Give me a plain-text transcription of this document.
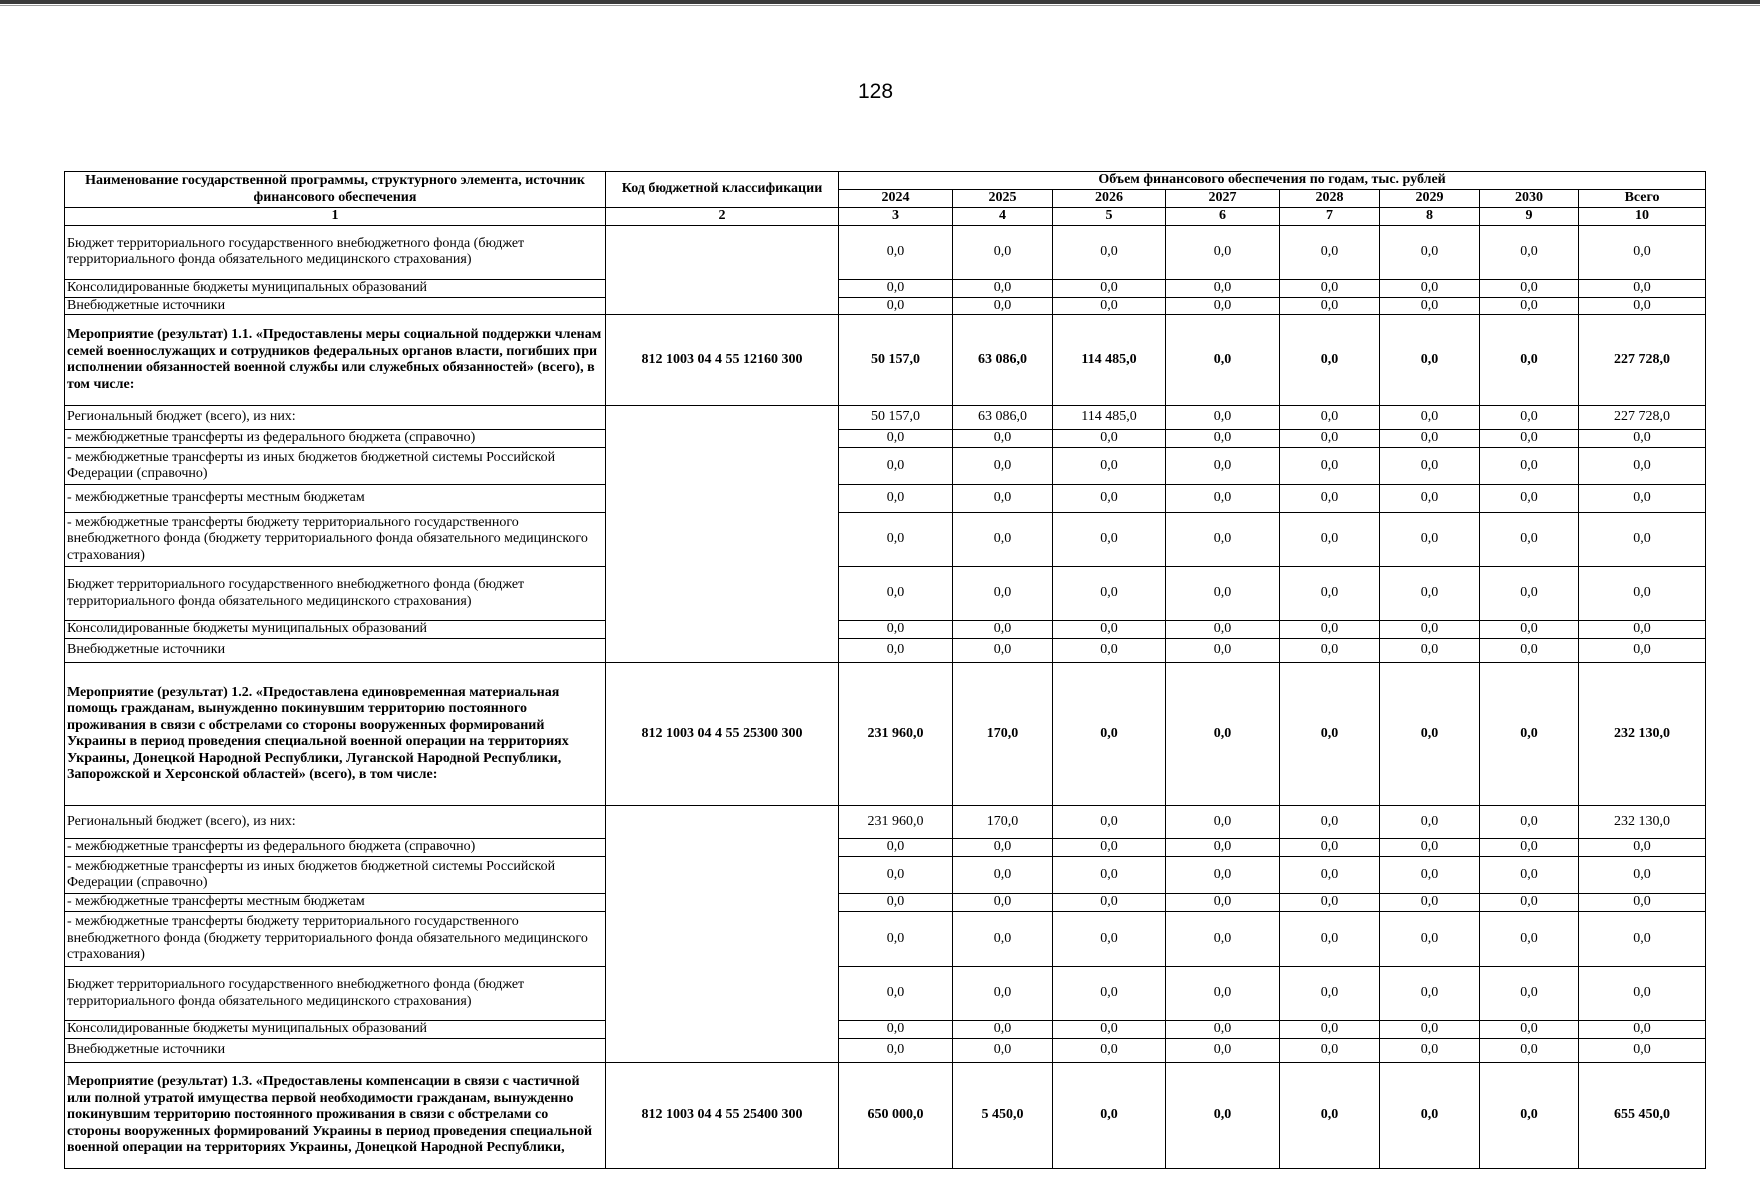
128
Наименование государственной программы, структурного элемента, источник финансового обеспечения	Код бюджетной классификации	Объем финансового обеспечения по годам, тыс. рублей							
		2024	2025	2026	2027	2028	2029	2030	Всего
1	2	3	4	5	6	7	8	9	10
Бюджет территориального государственного внебюджетного фонда (бюджет территориального фонда обязательного медицинского страхования)		0,0	0,0	0,0	0,0	0,0	0,0	0,0	0,0
Консолидированные бюджеты муниципальных образований		0,0	0,0	0,0	0,0	0,0	0,0	0,0	0,0
Внебюджетные источники		0,0	0,0	0,0	0,0	0,0	0,0	0,0	0,0
Мероприятие (результат) 1.1. «Предоставлены меры социальной поддержки членам семей военнослужащих и сотрудников федеральных органов власти, погибших при исполнении обязанностей военной службы или служебных обязанностей» (всего), в том числе:	812 1003 04 4 55 12160 300	50 157,0	63 086,0	114 485,0	0,0	0,0	0,0	0,0	227 728,0
Региональный бюджет (всего), из них:		50 157,0	63 086,0	114 485,0	0,0	0,0	0,0	0,0	227 728,0
- межбюджетные трансферты из федерального бюджета (справочно)		0,0	0,0	0,0	0,0	0,0	0,0	0,0	0,0
- межбюджетные трансферты из иных бюджетов бюджетной системы Российской Федерации (справочно)		0,0	0,0	0,0	0,0	0,0	0,0	0,0	0,0
- межбюджетные трансферты местным бюджетам		0,0	0,0	0,0	0,0	0,0	0,0	0,0	0,0
- межбюджетные трансферты бюджету территориального государственного внебюджетного фонда (бюджету территориального фонда обязательного медицинского страхования)		0,0	0,0	0,0	0,0	0,0	0,0	0,0	0,0
Бюджет территориального государственного внебюджетного фонда (бюджет территориального фонда обязательного медицинского страхования)		0,0	0,0	0,0	0,0	0,0	0,0	0,0	0,0
Консолидированные бюджеты муниципальных образований		0,0	0,0	0,0	0,0	0,0	0,0	0,0	0,0
Внебюджетные источники		0,0	0,0	0,0	0,0	0,0	0,0	0,0	0,0
Мероприятие (результат) 1.2. «Предоставлена единовременная материальная помощь гражданам, вынужденно покинувшим территорию постоянного проживания в связи с обстрелами со стороны вооруженных формирований Украины в период проведения специальной военной операции на территориях Украины, Донецкой Народной Республики, Луганской Народной Республики, Запорожской и Херсонской областей» (всего), в том числе:	812 1003 04 4 55 25300 300	231 960,0	170,0	0,0	0,0	0,0	0,0	0,0	232 130,0
Региональный бюджет (всего), из них:		231 960,0	170,0	0,0	0,0	0,0	0,0	0,0	232 130,0
- межбюджетные трансферты из федерального бюджета (справочно)		0,0	0,0	0,0	0,0	0,0	0,0	0,0	0,0
- межбюджетные трансферты из иных бюджетов бюджетной системы Российской Федерации (справочно)		0,0	0,0	0,0	0,0	0,0	0,0	0,0	0,0
- межбюджетные трансферты местным бюджетам		0,0	0,0	0,0	0,0	0,0	0,0	0,0	0,0
- межбюджетные трансферты бюджету территориального государственного внебюджетного фонда (бюджету территориального фонда обязательного медицинского страхования)		0,0	0,0	0,0	0,0	0,0	0,0	0,0	0,0
Бюджет территориального государственного внебюджетного фонда (бюджет территориального фонда обязательного медицинского страхования)		0,0	0,0	0,0	0,0	0,0	0,0	0,0	0,0
Консолидированные бюджеты муниципальных образований		0,0	0,0	0,0	0,0	0,0	0,0	0,0	0,0
Внебюджетные источники		0,0	0,0	0,0	0,0	0,0	0,0	0,0	0,0
Мероприятие (результат) 1.3. «Предоставлены компенсации в связи с частичной или полной утратой имущества первой необходимости гражданам, вынужденно покинувшим территорию постоянного проживания в связи с обстрелами со стороны вооруженных формирований Украины в период проведения специальной военной операции на территориях Украины, Донецкой Народной Республики,	812 1003 04 4 55 25400 300	650 000,0	5 450,0	0,0	0,0	0,0	0,0	0,0	655 450,0
